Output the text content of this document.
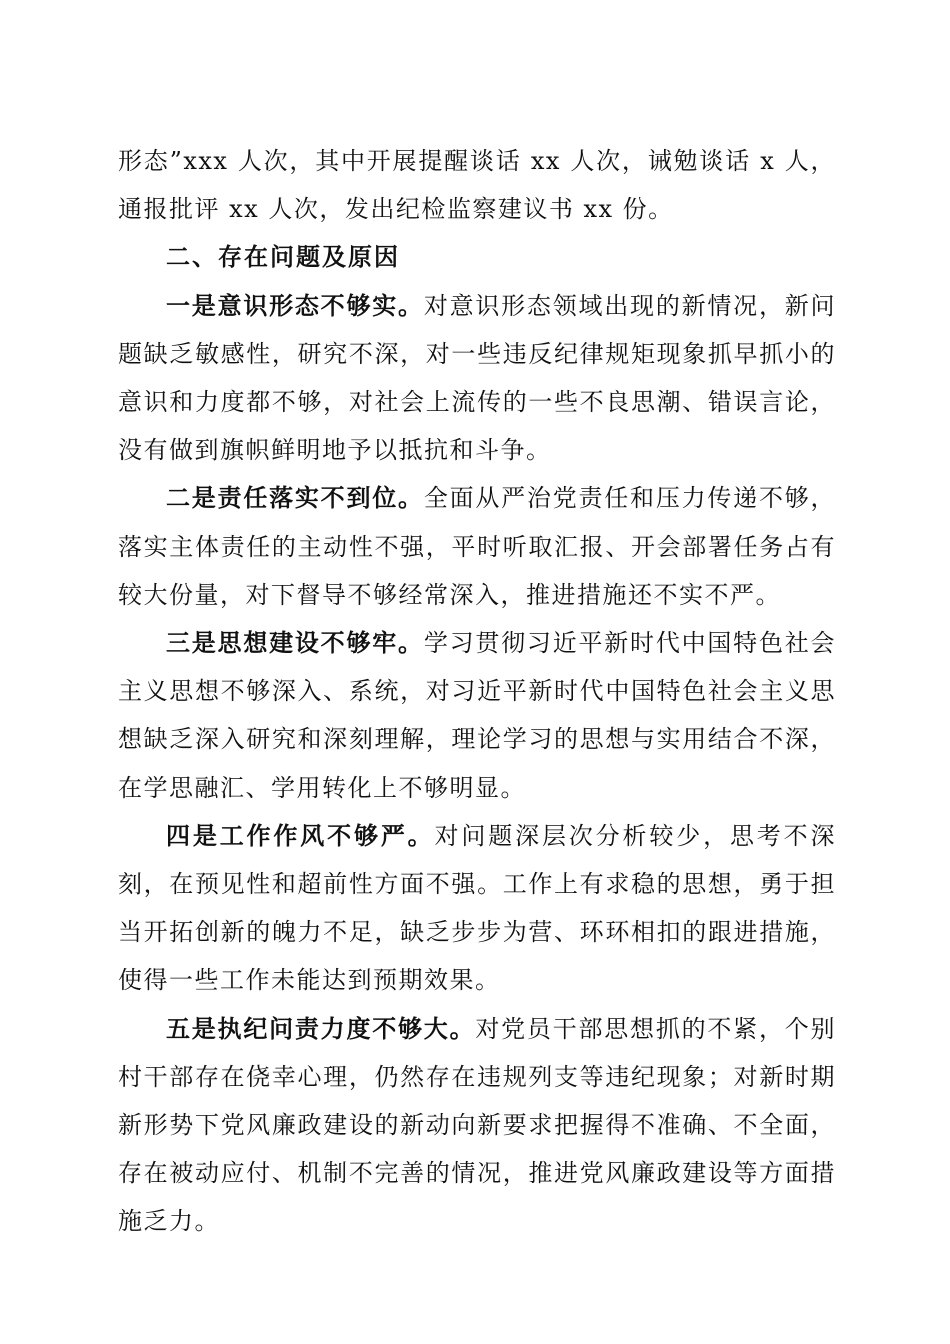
形态”xxx 人次，其中开展提醒谈话 xx 人次，诫勉谈话 x 人，通报批评 xx 人次，发出纪检监察建议书 xx 份。

二、存在问题及原因

一是意识形态不够实。对意识形态领域出现的新情况，新问题缺乏敏感性，研究不深，对一些违反纪律规矩现象抓早抓小的意识和力度都不够，对社会上流传的一些不良思潮、错误言论，没有做到旗帜鲜明地予以抵抗和斗争。

二是责任落实不到位。全面从严治党责任和压力传递不够，落实主体责任的主动性不强，平时听取汇报、开会部署任务占有较大份量，对下督导不够经常深入，推进措施还不实不严。

三是思想建设不够牢。学习贯彻习近平新时代中国特色社会主义思想不够深入、系统，对习近平新时代中国特色社会主义思想缺乏深入研究和深刻理解，理论学习的思想与实用结合不深，在学思融汇、学用转化上不够明显。

四是工作作风不够严。对问题深层次分析较少，思考不深刻，在预见性和超前性方面不强。工作上有求稳的思想，勇于担当开拓创新的魄力不足，缺乏步步为营、环环相扣的跟进措施，使得一些工作未能达到预期效果。

五是执纪问责力度不够大。对党员干部思想抓的不紧，个别村干部存在侥幸心理，仍然存在违规列支等违纪现象；对新时期新形势下党风廉政建设的新动向新要求把握得不准确、不全面，存在被动应付、机制不完善的情况，推进党风廉政建设等方面措施乏力。
